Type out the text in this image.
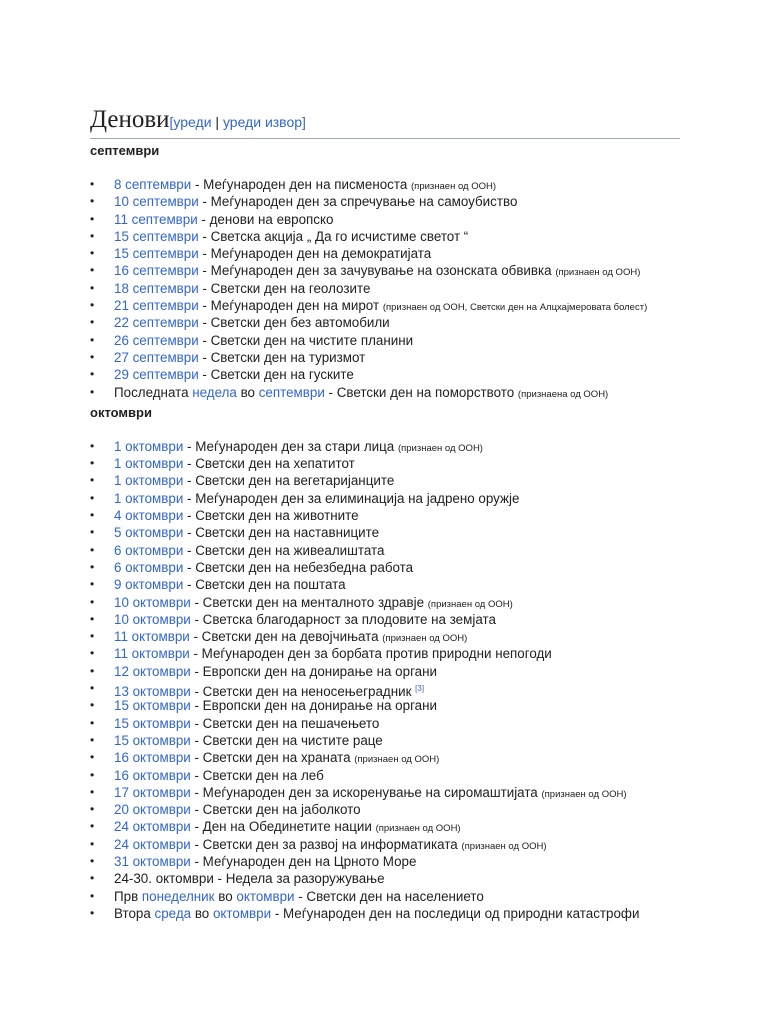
Денови[уреди | уреди извор]
септември
• 8 септември - Меѓународен ден на писменоста (признаен од ООН)
• 10 септември - Меѓународен ден за спречување на самоубиство
• 11 септември - денови на европско
• 15 септември - Светска акција „ Да го исчистиме светот “
• 15 септември - Меѓународен ден на демократијата
• 16 септември - Меѓународен ден за зачувување на озонската обвивка (признаен од ООН)
• 18 септември - Светски ден на геолозите
• 21 септември - Меѓународен ден на мирот (признаен од ООН, Светски ден на Алцхајмеровата болест)
• 22 септември - Светски ден без автомобили
• 26 септември - Светски ден на чистите планини
• 27 септември - Светски ден на туризмот
• 29 септември - Светски ден на гуските
• Последната недела во септември - Светски ден на поморството (признаена од ООН)
октомври
• 1 октомври - Меѓународен ден за стари лица (признаен од ООН)
• 1 октомври - Светски ден на хепатитот
• 1 октомври - Светски ден на вегетаријанците
• 1 октомври - Меѓународен ден за елиминација на јадрено оружје
• 4 октомври - Светски ден на животните
• 5 октомври - Светски ден на наставниците
• 6 октомври - Светски ден на живеалиштата
• 6 октомври - Светски ден на небезбедна работа
• 9 октомври - Светски ден на поштата
• 10 октомври - Светски ден на менталното здравје (признаен од ООН)
• 10 октомври - Светска благодарност за плодовите на земјата
• 11 октомври - Светски ден на девојчињата (признаен од ООН)
• 11 октомври - Меѓународен ден за борбата против природни непогоди
• 12 октомври - Европски ден на донирање на органи
• 13 октомври - Светски ден на неносењеградник [3]
• 15 октомври - Европски ден на донирање на органи
• 15 октомври - Светски ден на пешачењето
• 15 октомври - Светски ден на чистите раце
• 16 октомври - Светски ден на храната (признаен од ООН)
• 16 октомври - Светски ден на леб
• 17 октомври - Меѓународен ден за искоренување на сиромаштијата (признаен од ООН)
• 20 октомври - Светски ден на јаболкото
• 24 октомври - Ден на Обединетите нации (признаен од ООН)
• 24 октомври - Светски ден за развој на информатиката (признаен од ООН)
• 31 октомври - Меѓународен ден на Црното Море
• 24-30. октомври - Недела за разоружување
• Прв понеделник во октомври - Светски ден на населението
• Втора среда во октомври - Меѓународен ден на последици од природни катастрофи
